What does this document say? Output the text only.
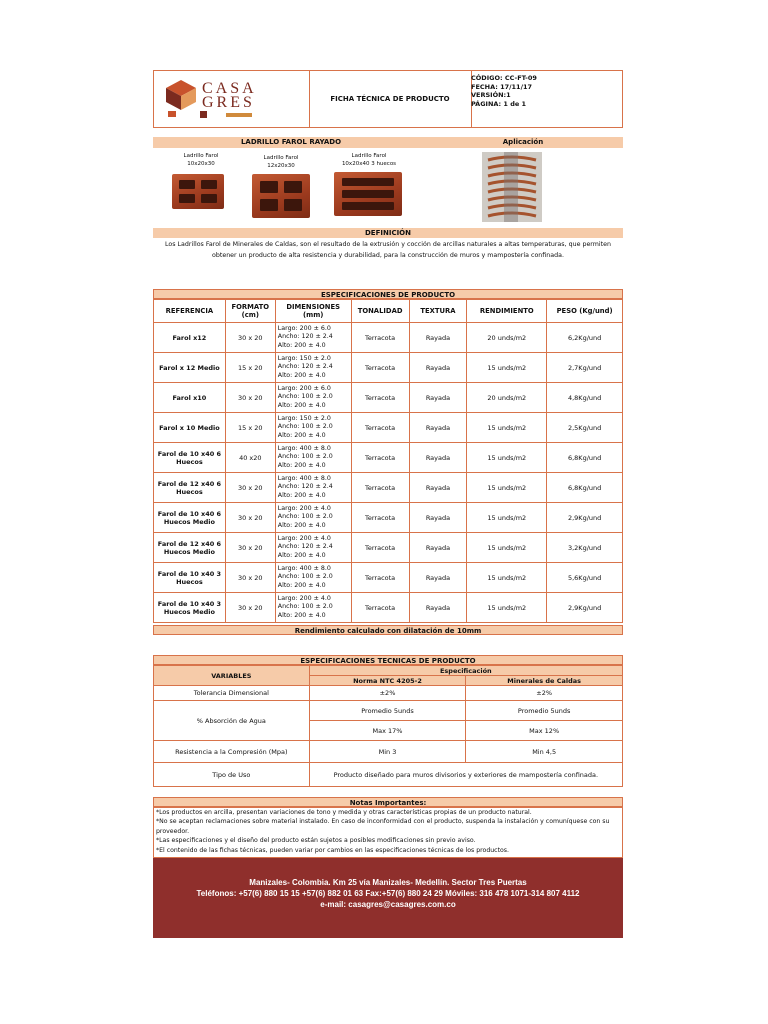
CASA
GRES	FICHA TÉCNICA DE PRODUCTO
CÓDIGO: CC-FT-09
FECHA: 17/11/17
VERSIÓN:1
PÁGINA: 1 de 1
LADRILLO FAROL RAYADO	Aplicación
Ladrillo Farol
10x20x30
Ladrillo Farol
12x20x30
Ladrillo Farol
10x20x40 3 huecos
DEFINICIÓN
Los Ladrillos Farol de Minerales de Caldas, son el resultado de la extrusión y cocción de arcillas naturales a altas temperaturas, que permiten obtener un producto de alta resistencia y durabilidad, para la construcción de muros y mampostería confinada.
ESPECIFICACIONES DE PRODUCTO
REFERENCIA	FORMATO (cm)	DIMENSIONES (mm)	TONALIDAD	TEXTURA	RENDIMIENTO	PESO (Kg/und)
Farol x12	30 x 20	Largo: 200 ± 6.0
Ancho: 120 ± 2.4
Alto: 200 ± 4.0	Terracota	Rayada	20 unds/m2	6,2Kg/und
Farol x 12 Medio	15 x 20	Largo: 150 ± 2.0
Ancho: 120 ± 2.4
Alto: 200 ± 4.0	Terracota	Rayada	15 unds/m2	2,7Kg/und
Farol x10	30 x 20	Largo: 200 ± 6.0
Ancho: 100 ± 2.0
Alto: 200 ± 4.0	Terracota	Rayada	20 unds/m2	4,8Kg/und
Farol x 10 Medio	15 x 20	Largo: 150 ± 2.0
Ancho: 100 ± 2.0
Alto: 200 ± 4.0	Terracota	Rayada	15 unds/m2	2,5Kg/und
Farol de 10 x40 6 Huecos	40 x20	Largo: 400 ± 8.0
Ancho: 100 ± 2.0
Alto: 200 ± 4.0	Terracota	Rayada	15 unds/m2	6,8Kg/und
Farol de 12 x40 6 Huecos	30 x 20	Largo: 400 ± 8.0
Ancho: 120 ± 2.4
Alto: 200 ± 4.0	Terracota	Rayada	15 unds/m2	6,8Kg/und
Farol de 10 x40 6 Huecos Medio	30 x 20	Largo: 200 ± 4.0
Ancho: 100 ± 2.0
Alto: 200 ± 4.0	Terracota	Rayada	15 unds/m2	2,9Kg/und
Farol de 12 x40 6 Huecos Medio	30 x 20	Largo: 200 ± 4.0
Ancho: 120 ± 2.4
Alto: 200 ± 4.0	Terracota	Rayada	15 unds/m2	3,2Kg/und
Farol de 10 x40 3 Huecos	30 x 20	Largo: 400 ± 8.0
Ancho: 100 ± 2.0
Alto: 200 ± 4.0	Terracota	Rayada	15 unds/m2	5,6Kg/und
Farol de 10 x40 3 Huecos Medio	30 x 20	Largo: 200 ± 4.0
Ancho: 100 ± 2.0
Alto: 200 ± 4.0	Terracota	Rayada	15 unds/m2	2,9Kg/und
Rendimiento calculado con dilatación de 10mm
ESPECIFICACIONES TECNICAS DE PRODUCTO
VARIABLES	Especificación	
	Norma NTC 4205-2	Minerales de Caldas
Tolerancia Dimensional	±2%	±2%
% Absorción de Agua	Promedio 5unds	Promedio 5unds
	Max 17%	Max 12%
Resistencia a la Compresión (Mpa)	Min 3	Min 4,5
Tipo de Uso	Producto diseñado para muros divisorios y exteriores de mampostería confinada.	
Notas Importantes:
*Los productos en arcilla, presentan variaciones de tono y medida y otras características propias de un producto natural.
*No se aceptan reclamaciones sobre material instalado. En caso de inconformidad con el producto, suspenda la instalación y comuníquese con su proveedor.
*Las especificaciones y el diseño del producto están sujetos a posibles modificaciones sin previo aviso.
*El contenido de las fichas técnicas, pueden variar por cambios en las especificaciones técnicas de los productos.
Manizales- Colombia. Km 25 vía Manizales- Medellín. Sector Tres Puertas
Teléfonos: +57(6) 880 15 15 +57(6) 882 01 63 Fax:+57(6) 880 24 29 Móviles: 316 478 1071-314 807 4112
e-mail: casagres@casagres.com.co
